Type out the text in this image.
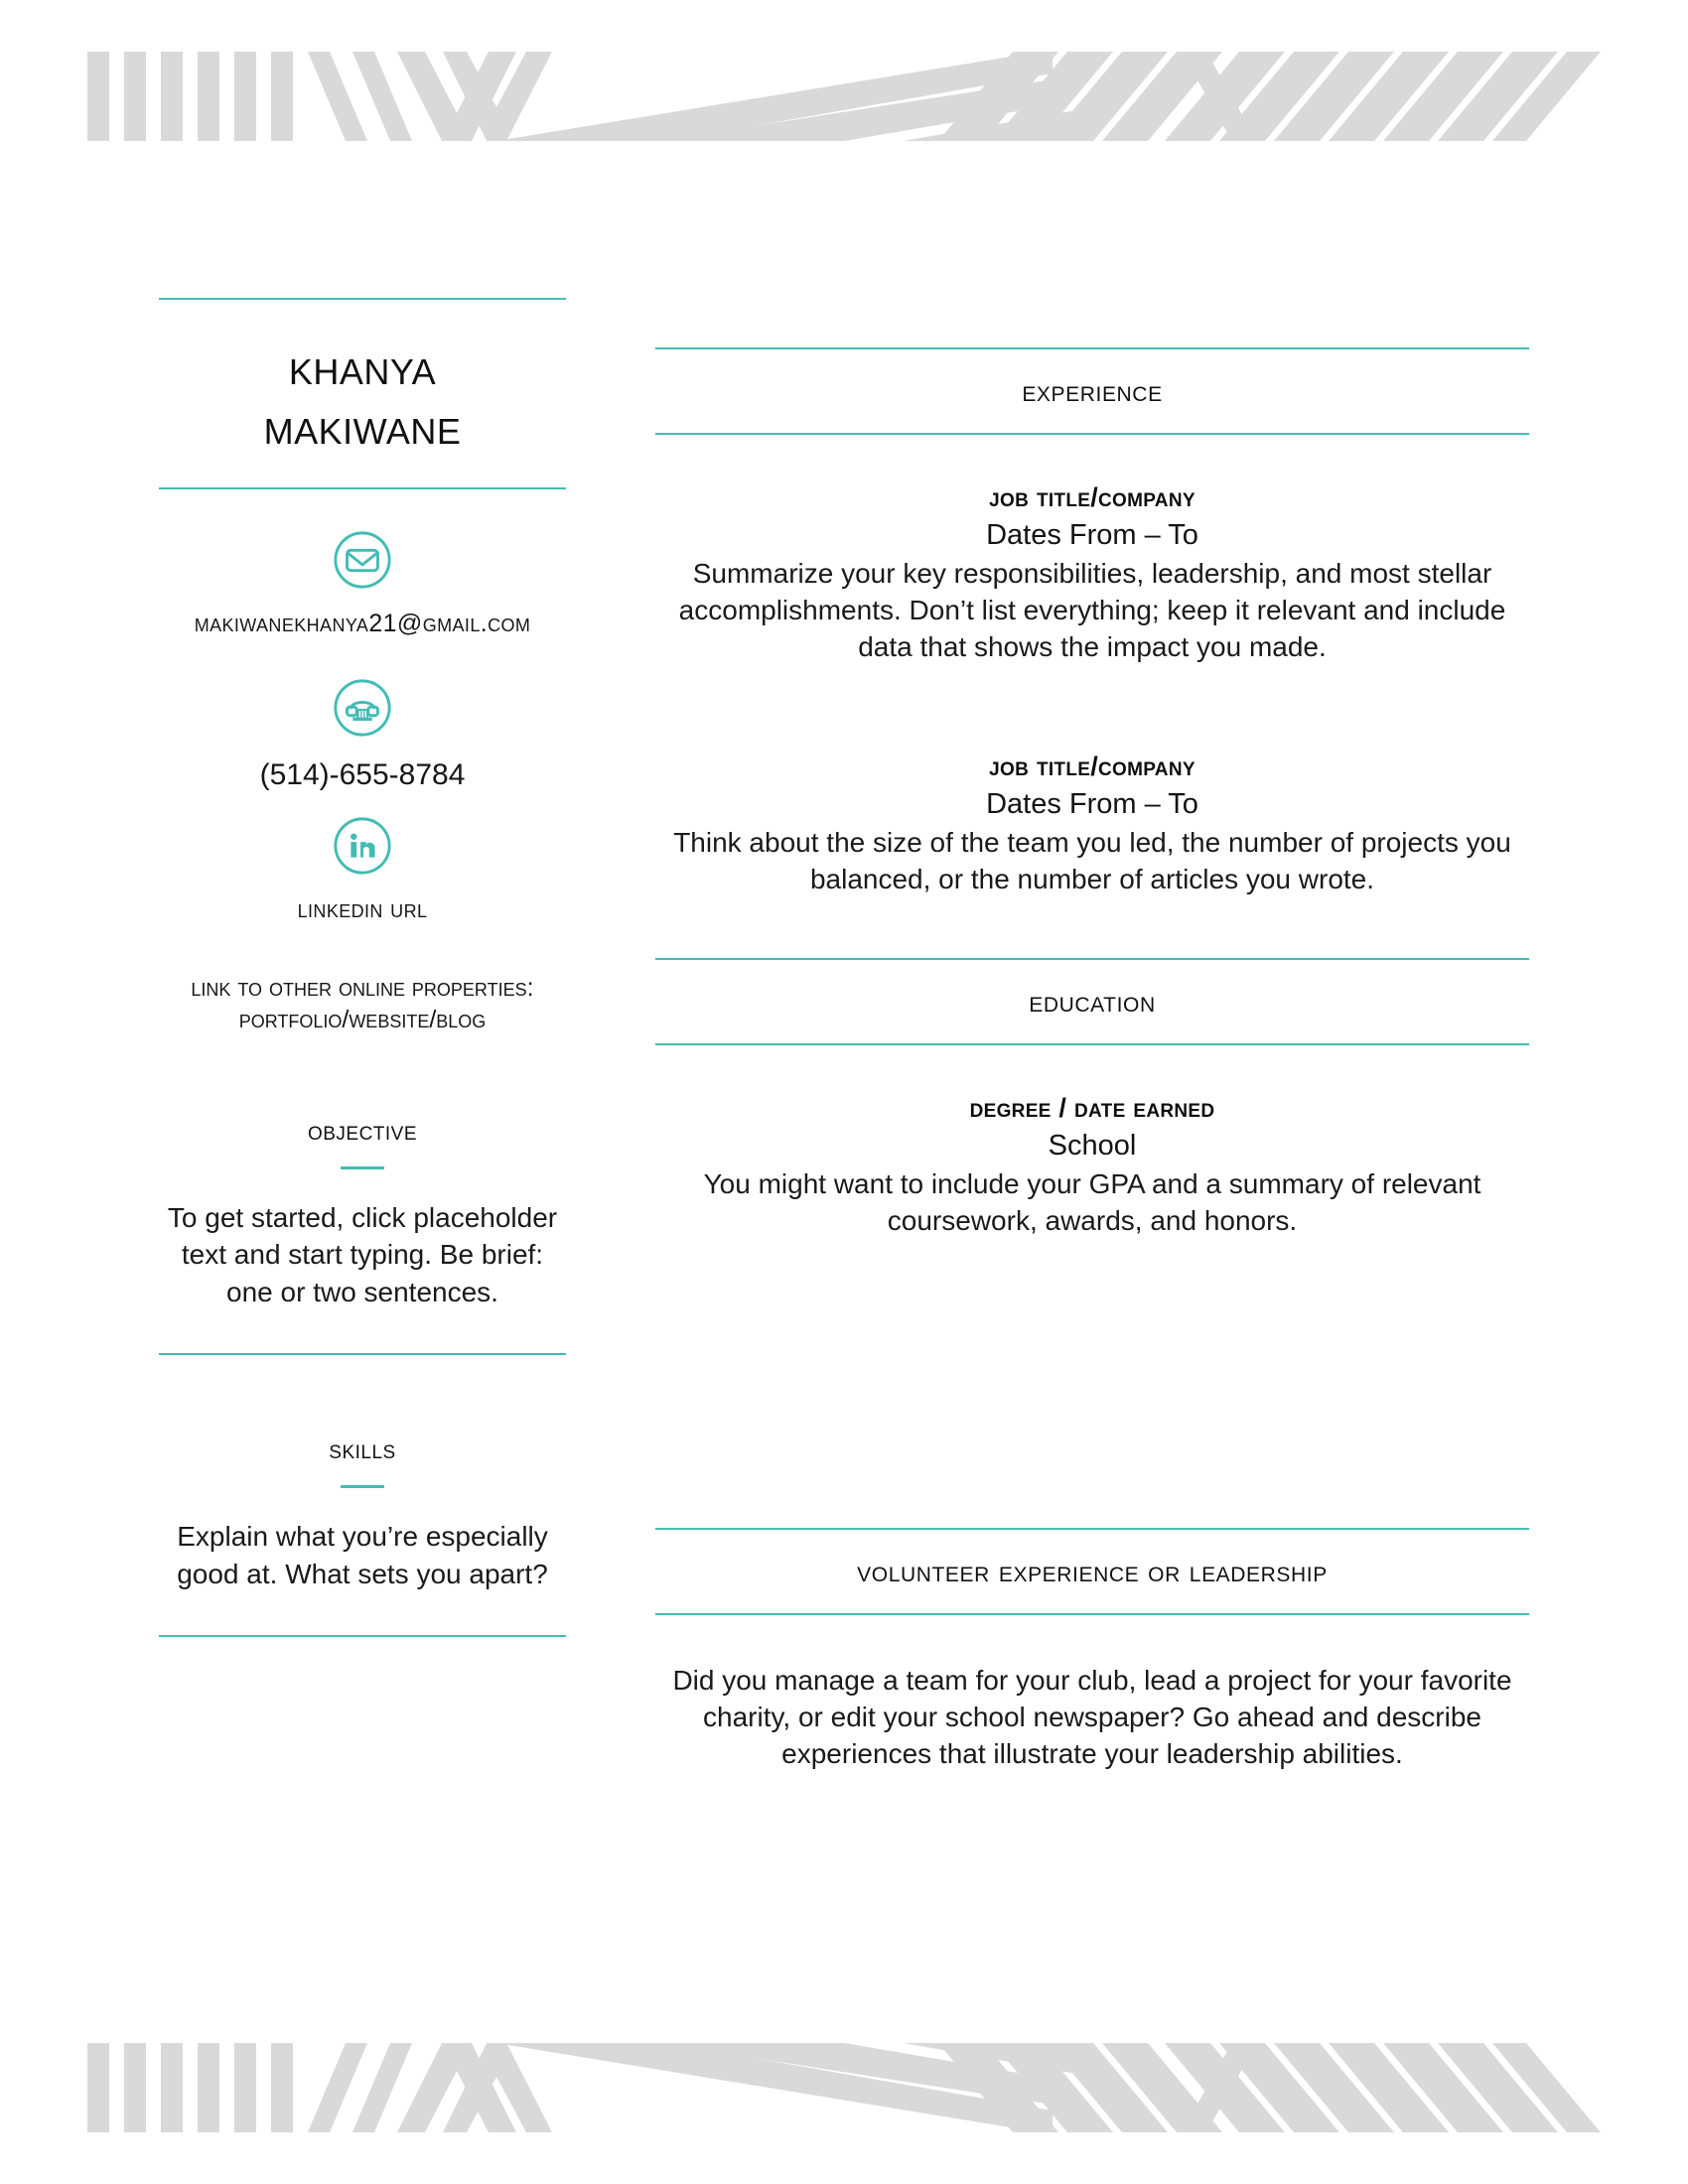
khanya
makiwane
makiwanekhanya21@gmail.com
(514)-655-8784
linkedin url
link to other online properties:
portfolio/website/blog
objective
To get started, click placeholder text and start typing. Be brief: one or two sentences.
skills
Explain what you’re especially good at. What sets you apart?
experience
job title/company
Dates From – To
Summarize your key responsibilities, leadership, and most stellar accomplishments. Don’t list everything; keep it relevant and include data that shows the impact you made.
job title/company
Dates From – To
Think about the size of the team you led, the number of projects you balanced, or the number of articles you wrote.
education
degree / date earned
School
You might want to include your GPA and a summary of relevant coursework, awards, and honors.
volunteer experience or leadership
Did you manage a team for your club, lead a project for your favorite charity, or edit your school newspaper? Go ahead and describe experiences that illustrate your leadership abilities.
